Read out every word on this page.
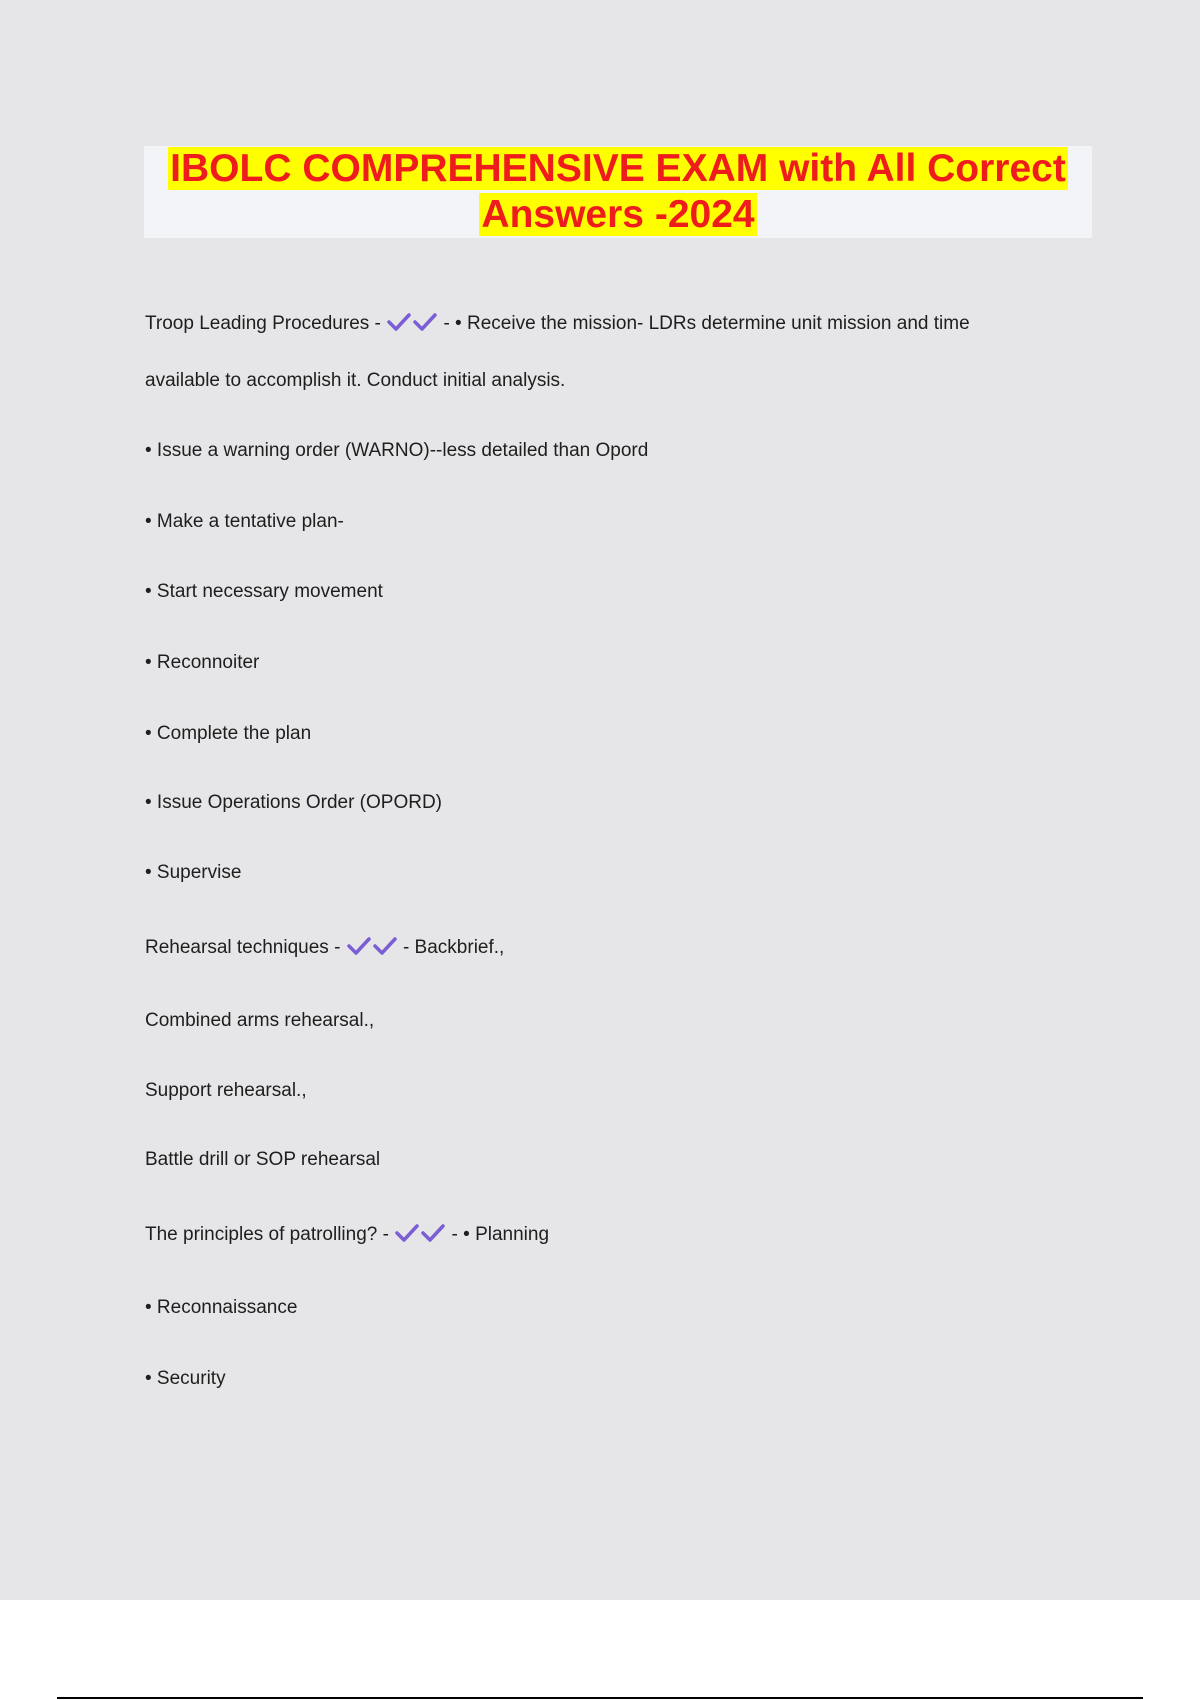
IBOLC COMPREHENSIVE EXAM with All Correct
Answers -2024
Troop Leading Procedures -	- • Receive the mission- LDRs determine unit mission and time
available to accomplish it. Conduct initial analysis.
• Issue a warning order (WARNO)--less detailed than Opord
• Make a tentative plan-
• Start necessary movement
• Reconnoiter
• Complete the plan
• Issue Operations Order (OPORD)
• Supervise
Rehearsal techniques -	- Backbrief.,
Combined arms rehearsal.,
Support rehearsal.,
Battle drill or SOP rehearsal
The principles of patrolling? -	- • Planning
• Reconnaissance
• Security
